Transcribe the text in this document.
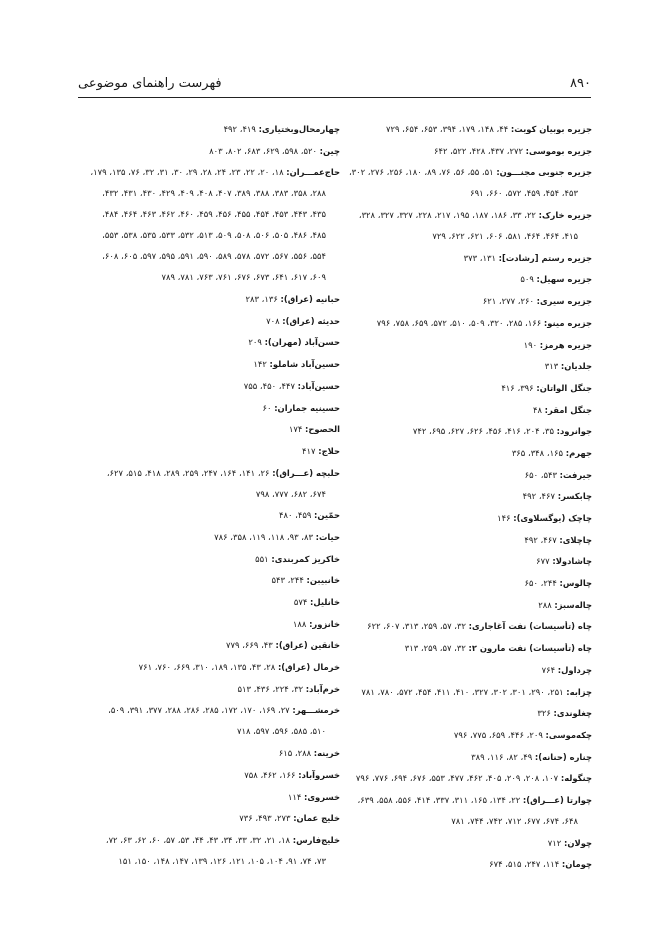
۸۹۰
فهرست راهنمای موضوعی
جزیره بوبیان کویت: ۴۴، ۱۴۸، ۱۷۹، ۳۹۴، ۶۵۳، ۶۵۴، ۷۲۹
جزیره بوموسی: ۲۷۲، ۴۳۷، ۴۲۸، ۵۲۲، ۶۴۲
جزیره جنوبی مجنـــون: ۵۱، ۵۵، ۵۶، ۷۶، ۸۹، ۱۸۰، ۲۵۶، ۲۷۶، ۳۰۲،
۴۵۳، ۴۵۴، ۴۵۹، ۵۷۲، ۶۶۰، ۶۹۱
جزیره خارک: ۲۲، ۳۳، ۱۸۶، ۱۸۷، ۱۹۵، ۲۱۷، ۲۲۸، ۳۲۷، ۳۲۷، ۳۲۸،
۴۱۵، ۴۶۴، ۴۶۴، ۵۸۱، ۶۰۶، ۶۲۱، ۶۲۲، ۷۲۹
جزیره رستم [رشادت]: ۱۳۱، ۳۷۳
جزیره سهیل: ۵۰۹
جزیره سیری: ۲۶۰، ۲۷۷، ۶۲۱
جزیره مینو: ۱۶۶، ۲۸۵، ۳۲۰، ۵۰۹، ۵۱۰، ۵۷۲، ۶۵۹، ۷۵۸، ۷۹۶
جزیره هرمز: ۱۹۰
جلدیان: ۳۱۳
جنگل الواتان: ۳۹۶، ۴۱۶
جنگل امقر: ۴۸
جوانرود: ۳۵، ۲۰۴، ۴۱۶، ۴۵۶، ۶۲۶، ۶۲۷، ۶۹۵، ۷۴۲
جهرم: ۱۶۵، ۳۴۸، ۳۶۵
جیرفت: ۵۴۳، ۶۵۰
چابکسر: ۴۶۷، ۴۹۲
چاچک (یوگسلاوی): ۱۴۶
چاچلای: ۴۶۷، ۴۹۲
چاشادولا: ۶۷۷
چالوس: ۲۴۴، ۶۵۰
چاله‌سبز: ۲۸۸
چاه (تأسیسات) نفت آغاجاری: ۳۲، ۵۷، ۲۵۹، ۳۱۳، ۶۰۷، ۶۲۲
چاه (تأسیسات) نفت مارون ۲: ۳۲، ۵۷، ۲۵۹، ۳۱۳
چرداول: ۷۶۴
چزابه: ۲۵۱، ۲۹۰، ۳۰۱، ۳۰۲، ۳۲۷، ۴۱۰، ۴۱۱، ۴۵۴، ۵۷۲، ۷۸۰، ۷۸۱
چغلوندی: ۳۲۶
چکه‌موسی: ۲۰۹، ۴۴۶، ۶۵۹، ۷۷۵، ۷۹۶
چناره (حنانه): ۴۹، ۸۲، ۱۱۶، ۳۸۹
چنگوله: ۱۰۷، ۲۰۸، ۲۰۹، ۴۰۵، ۴۶۲، ۴۷۷، ۵۵۳، ۶۷۶، ۶۹۴، ۷۷۶، ۷۹۶
چوارتا (عـــراق): ۲۲، ۱۳۴، ۱۶۵، ۳۱۱، ۳۳۷، ۴۱۴، ۵۵۶، ۵۵۸، ۶۳۹،
۶۴۸، ۶۷۴، ۶۷۷، ۷۱۲، ۷۴۲، ۷۴۴، ۷۸۱
چولان: ۷۱۲
چومان: ۱۱۴، ۲۴۷، ۵۱۵، ۶۷۴
چهارمحال‌وبختیاری: ۴۱۹، ۴۹۲
چین: ۵۲۰، ۵۹۸، ۶۲۹، ۶۸۳، ۸۰۲، ۸۰۳
حاج‌عمـــران: ۱۸، ۲۰، ۲۲، ۲۳، ۲۴، ۲۸، ۲۹، ۳۰، ۳۱، ۳۲، ۷۶، ۱۳۵، ۱۷۹،
۲۸۸، ۳۵۸، ۳۸۳، ۳۸۸، ۳۸۹، ۴۰۷، ۴۰۸، ۴۰۹، ۴۲۹، ۴۳۰، ۴۳۱، ۴۳۲،
۴۳۵، ۴۴۳، ۴۵۳، ۴۵۴، ۴۵۵، ۴۵۶، ۴۵۹، ۴۶۰، ۴۶۲، ۴۶۳، ۴۶۴، ۴۸۴،
۴۸۵، ۴۸۶، ۵۰۵، ۵۰۶، ۵۰۸، ۵۰۹، ۵۱۳، ۵۳۲، ۵۳۳، ۵۳۵، ۵۳۸، ۵۵۳،
۵۵۴، ۵۵۶، ۵۶۷، ۵۷۲، ۵۷۸، ۵۸۹، ۵۹۰، ۵۹۱، ۵۹۵، ۵۹۷، ۶۰۵، ۶۰۸،
۶۰۹، ۶۱۷، ۶۴۱، ۶۷۳، ۶۷۶، ۷۶۱، ۷۶۳، ۷۸۱، ۷۸۹
حبانیه (عراق): ۱۳۶، ۲۸۳
حدیثه (عراق): ۷۰۸
حسن‌آباد (مهران): ۲۰۹
حسین‌آباد شاملو: ۱۴۲
حسین‌آباد: ۴۴۷، ۴۵۰، ۷۵۵
حسینیه جماران: ۶۰
الحصوح: ۱۷۴
حلاج: ۴۱۷
حلبچه (عـــراق): ۲۶، ۱۴۱، ۱۶۴، ۲۴۷، ۲۵۹، ۲۸۹، ۴۱۸، ۵۱۵، ۶۲۷،
۶۷۴، ۶۸۲، ۷۷۷، ۷۹۸
حمّین: ۴۵۹، ۴۸۰
حیات: ۸۳، ۹۳، ۱۱۸، ۱۱۹، ۳۵۸، ۷۸۶
خاکریز کمربندی: ۵۵۱
خانبیبن: ۲۴۴، ۵۴۳
خانلیل: ۵۷۴
خانزور: ۱۸۸
خانقین (عراق): ۴۳، ۶۶۹، ۷۷۹
خرمال (عراق): ۲۸، ۴۳، ۱۳۵، ۱۸۹، ۳۱۰، ۶۶۹، ۷۶۰، ۷۶۱
خرم‌آباد: ۳۲، ۲۲۴، ۴۳۶، ۵۱۳
خرمشـــهر: ۲۷، ۱۶۹، ۱۷۰، ۱۷۲، ۲۸۵، ۲۸۶، ۲۸۸، ۳۷۷، ۳۹۱، ۵۰۹،
۵۱۰، ۵۸۵، ۵۹۶، ۵۹۷، ۷۱۸
خرینه: ۲۸۸، ۶۱۵
خسروآباد: ۱۶۶، ۴۶۲، ۷۵۸
خسروی: ۱۱۴
خلیج عمان: ۲۷۳، ۴۹۳، ۷۳۶
خلیج‌فارس: ۱۸، ۲۱، ۳۲، ۳۳، ۳۴، ۴۳، ۴۴، ۵۳، ۵۷، ۶۰، ۶۲، ۶۳، ۷۲،
۷۳، ۷۴، ۹۱، ۱۰۴، ۱۰۵، ۱۲۱، ۱۲۶، ۱۳۹، ۱۴۷، ۱۴۸، ۱۵۰، ۱۵۱
